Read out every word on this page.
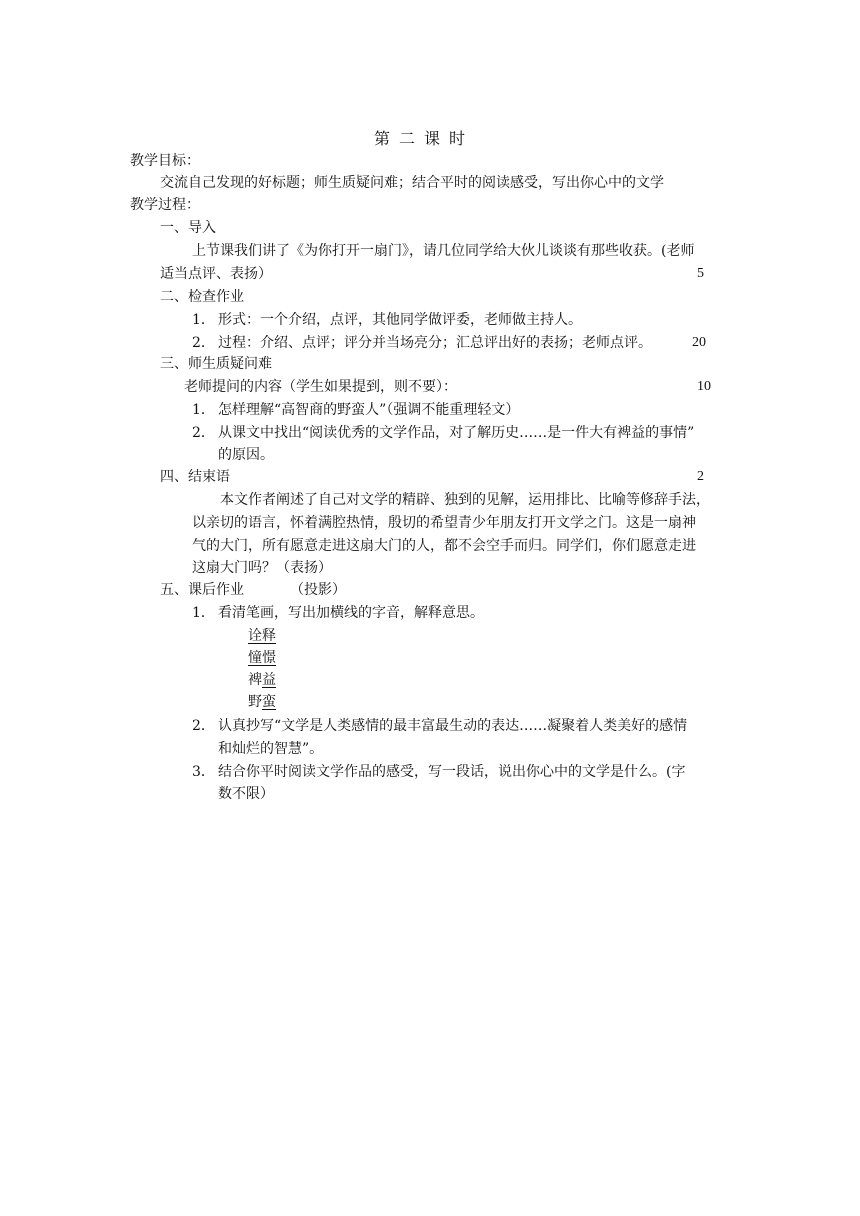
第二课时
教学目标：
交流自己发现的好标题；师生质疑问难；结合平时的阅读感受，写出你心中的文学
教学过程：
一、导入
上节课我们讲了《为你打开一扇门》，请几位同学给大伙儿谈谈有那些收获。(老师
适当点评、表扬）	5
二、检查作业
1． 形式：一个介绍，点评，其他同学做评委，老师做主持人。
2． 过程：介绍、点评；评分并当场亮分；汇总评出好的表扬；老师点评。	20
三、师生质疑问难
老师提问的内容（学生如果提到，则不要）：	10
1． 怎样理解“高智商的野蛮人”（强调不能重理轻文）
2． 从课文中找出“阅读优秀的文学作品，对了解历史……是一件大有裨益的事情”
的原因。
四、结束语	2
本文作者阐述了自己对文学的精辟、独到的见解，运用排比、比喻等修辞手法，
以亲切的语言，怀着满腔热情，殷切的希望青少年朋友打开文学之门。这是一扇神
气的大门，所有愿意走进这扇大门的人，都不会空手而归。同学们，你们愿意走进
这扇大门吗？（表扬）
五、课后作业	（投影）
1． 看清笔画，写出加横线的字音，解释意思。
诠释
憧憬
裨益
野蛮
2． 认真抄写“文学是人类感情的最丰富最生动的表达……凝聚着人类美好的感情
和灿烂的智慧”。
3． 结合你平时阅读文学作品的感受，写一段话，说出你心中的文学是什么。(字
数不限）
